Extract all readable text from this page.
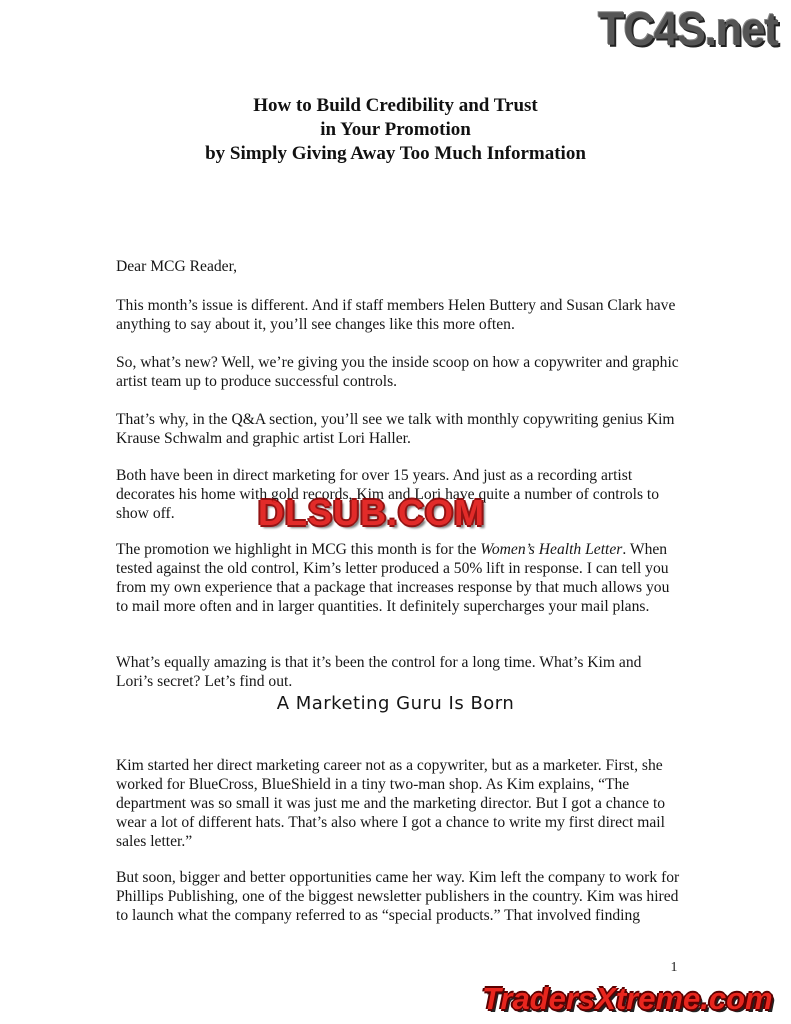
TC4S.net
How to Build Credibility and Trust
in Your Promotion
by Simply Giving Away Too Much Information

Dear MCG Reader,

This month’s issue is different. And if staff members Helen Buttery and Susan Clark have anything to say about it, you’ll see changes like this more often.

So, what’s new? Well, we’re giving you the inside scoop on how a copywriter and graphic artist team up to produce successful controls.

That’s why, in the Q&A section, you’ll see we talk with monthly copywriting genius Kim Krause Schwalm and graphic artist Lori Haller.

Both have been in direct marketing for over 15 years. And just as a recording artist decorates his home with gold records, Kim and Lori have quite a number of controls to show off.

The promotion we highlight in MCG this month is for the Women’s Health Letter. When tested against the old control, Kim’s letter produced a 50% lift in response. I can tell you from my own experience that a package that increases response by that much allows you to mail more often and in larger quantities. It definitely supercharges your mail plans.

What’s equally amazing is that it’s been the control for a long time. What’s Kim and Lori’s secret? Let’s find out.

A Marketing Guru Is Born

Kim started her direct marketing career not as a copywriter, but as a marketer. First, she worked for BlueCross, BlueShield in a tiny two-man shop. As Kim explains, “The department was so small it was just me and the marketing director. But I got a chance to wear a lot of different hats. That’s also where I got a chance to write my first direct mail sales letter.”

But soon, bigger and better opportunities came her way. Kim left the company to work for Phillips Publishing, one of the biggest newsletter publishers in the country. Kim was hired to launch what the company referred to as “special products.” That involved finding

DLSUB.COM
1
TradersXtreme.com
